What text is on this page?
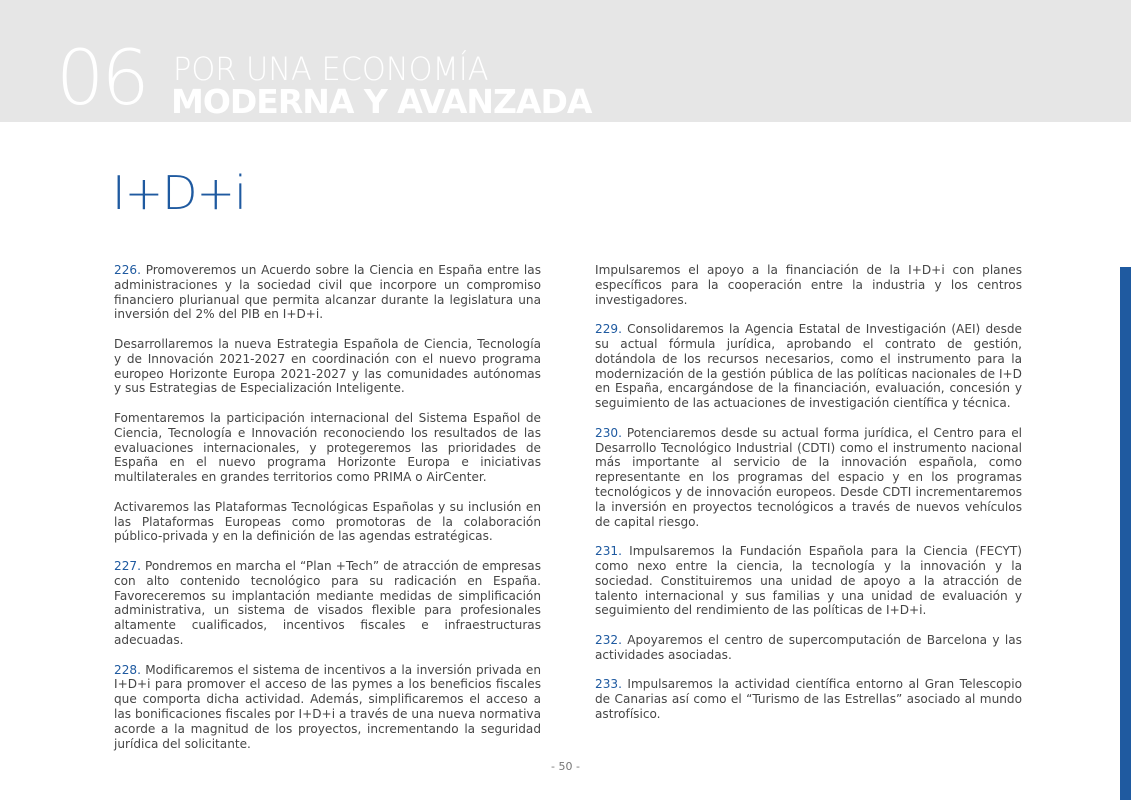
06 POR UNA ECONOMÍA
MODERNA Y AVANZADA
I+D+i

226. Promoveremos un Acuerdo sobre la Ciencia en España entre las administraciones y la sociedad civil que incorpore un compromiso financiero plurianual que permita alcanzar durante la legislatura una inversión del 2% del PIB en I+D+i.

Desarrollaremos la nueva Estrategia Española de Ciencia, Tecnología y de Innovación 2021-2027 en coordinación con el nuevo programa europeo Horizonte Europa 2021-2027 y las comunidades autónomas y sus Estrategias de Especialización Inteligente.

Fomentaremos la participación internacional del Sistema Español de Ciencia, Tecnología e Innovación reconociendo los resultados de las evaluaciones internacionales, y protegeremos las prioridades de España en el nuevo programa Horizonte Europa e iniciativas multilaterales en grandes territorios como PRIMA o AirCenter.

Activaremos las Plataformas Tecnológicas Españolas y su inclusión en las Plataformas Europeas como promotoras de la colaboración público-privada y en la definición de las agendas estratégicas.

227. Pondremos en marcha el “Plan +Tech” de atracción de empresas con alto contenido tecnológico para su radicación en España. Favoreceremos su implantación mediante medidas de simplificación administrativa, un sistema de visados flexible para profesionales altamente cualificados, incentivos fiscales e infraestructuras adecuadas.

228. Modificaremos el sistema de incentivos a la inversión privada en I+D+i para promover el acceso de las pymes a los beneficios fiscales que comporta dicha actividad. Además, simplificaremos el acceso a las bonificaciones fiscales por I+D+i a través de una nueva normativa acorde a la magnitud de los proyectos, incrementando la seguridad jurídica del solicitante.

Impulsaremos el apoyo a la financiación de la I+D+i con planes específicos para la cooperación entre la industria y los centros investigadores.

229. Consolidaremos la Agencia Estatal de Investigación (AEI) desde su actual fórmula jurídica, aprobando el contrato de gestión, dotándola de los recursos necesarios, como el instrumento para la modernización de la gestión pública de las políticas nacionales de I+D en España, encargándose de la financiación, evaluación, concesión y seguimiento de las actuaciones de investigación científica y técnica.

230. Potenciaremos desde su actual forma jurídica, el Centro para el Desarrollo Tecnológico Industrial (CDTI) como el instrumento nacional más importante al servicio de la innovación española, como representante en los programas del espacio y en los programas tecnológicos y de innovación europeos. Desde CDTI incrementaremos la inversión en proyectos tecnológicos a través de nuevos vehículos de capital riesgo.

231. Impulsaremos la Fundación Española para la Ciencia (FECYT) como nexo entre la ciencia, la tecnología y la innovación y la sociedad. Constituiremos una unidad de apoyo a la atracción de talento internacional y sus familias y una unidad de evaluación y seguimiento del rendimiento de las políticas de I+D+i.

232. Apoyaremos el centro de supercomputación de Barcelona y las actividades asociadas.

233. Impulsaremos la actividad científica entorno al Gran Telescopio de Canarias así como el “Turismo de las Estrellas” asociado al mundo astrofísico.

- 50 -
